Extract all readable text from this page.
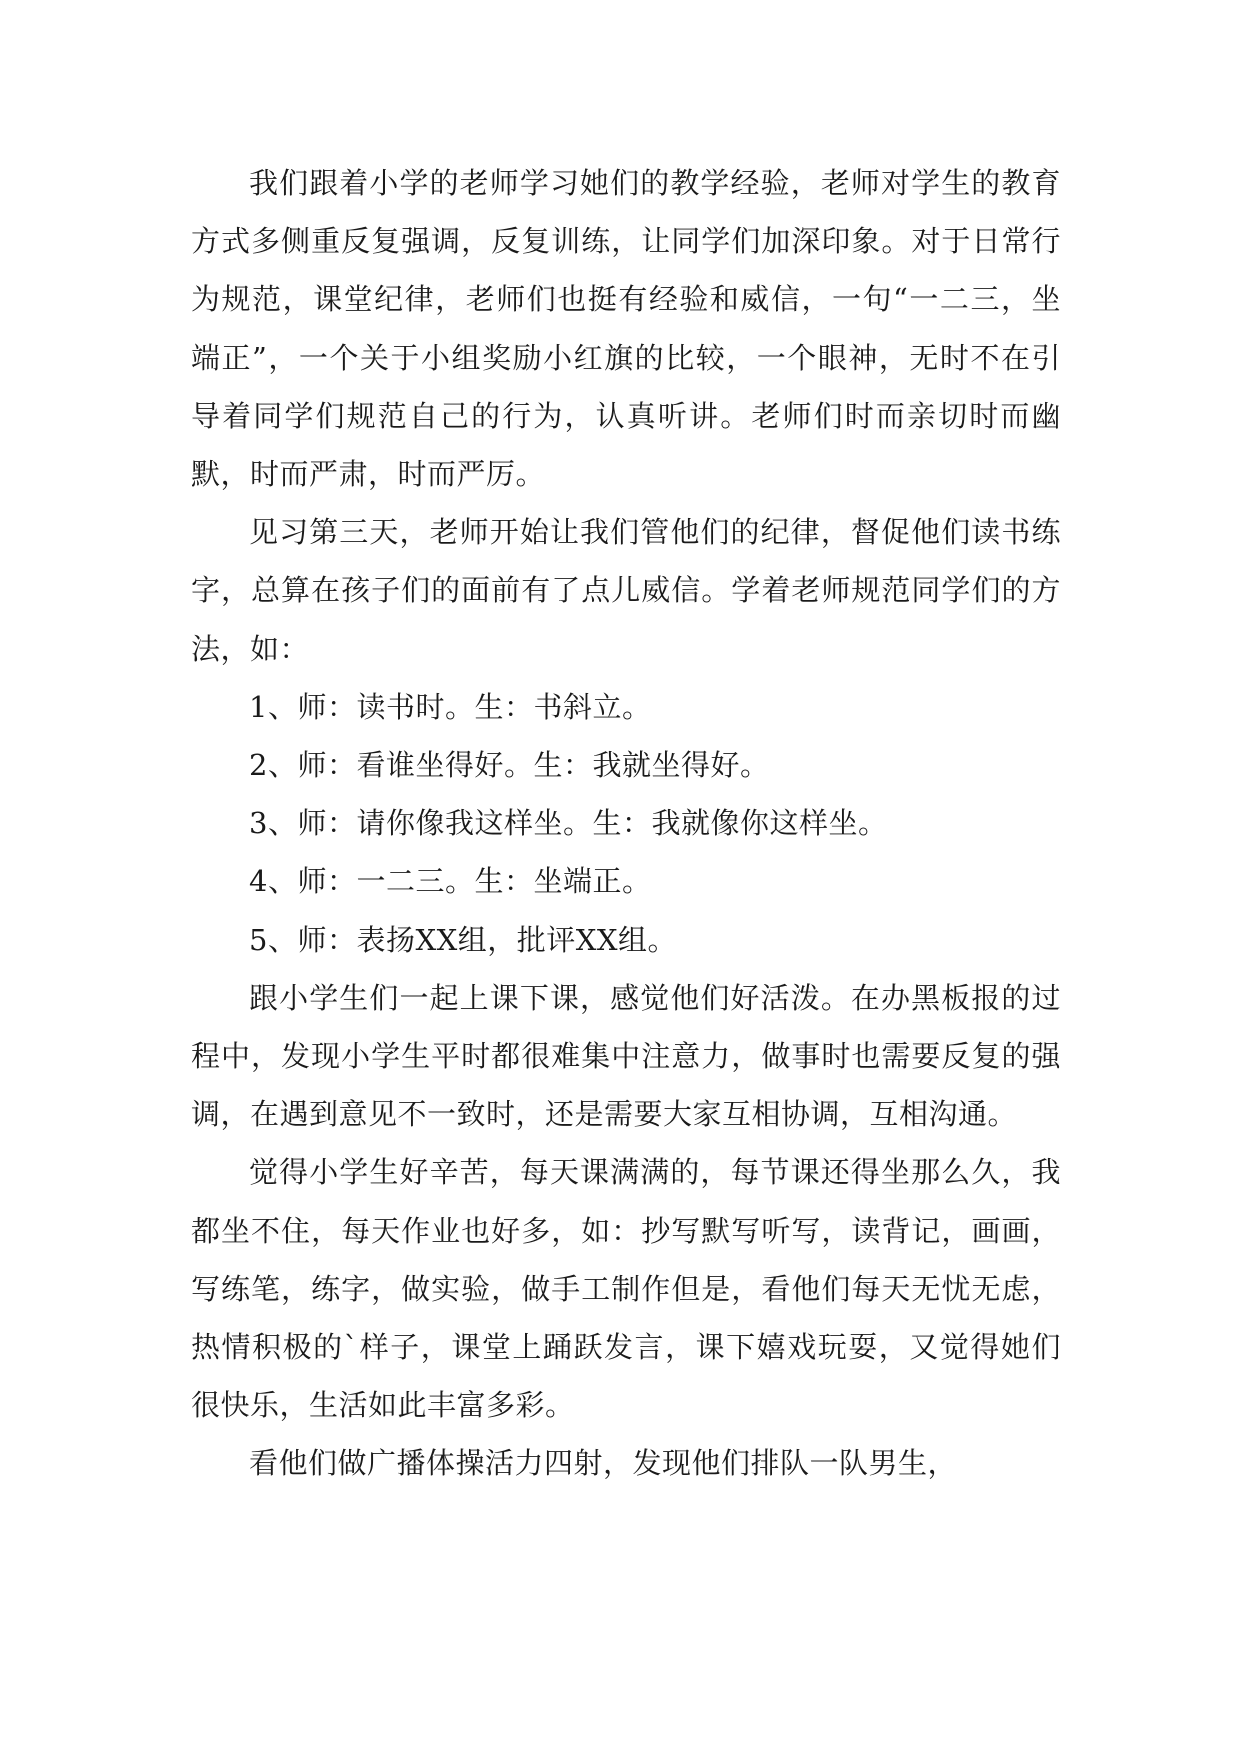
我们跟着小学的老师学习她们的教学经验，老师对学生的教育方式多侧重反复强调，反复训练，让同学们加深印象。对于日常行为规范，课堂纪律，老师们也挺有经验和威信，一句“一二三，坐端正”，一个关于小组奖励小红旗的比较，一个眼神，无时不在引导着同学们规范自己的行为，认真听讲。老师们时而亲切时而幽默，时而严肃，时而严厉。

见习第三天，老师开始让我们管他们的纪律，督促他们读书练字，总算在孩子们的面前有了点儿威信。学着老师规范同学们的方法，如：

1、师：读书时。生：书斜立。

2、师：看谁坐得好。生：我就坐得好。

3、师：请你像我这样坐。生：我就像你这样坐。

4、师：一二三。生：坐端正。

5、师：表扬XX组，批评XX组。

跟小学生们一起上课下课，感觉他们好活泼。在办黑板报的过程中，发现小学生平时都很难集中注意力，做事时也需要反复的强调，在遇到意见不一致时，还是需要大家互相协调，互相沟通。

觉得小学生好辛苦，每天课满满的，每节课还得坐那么久，我都坐不住，每天作业也好多，如：抄写默写听写，读背记，画画，写练笔，练字，做实验，做手工制作但是，看他们每天无忧无虑，热情积极的`样子，课堂上踊跃发言，课下嬉戏玩耍，又觉得她们很快乐，生活如此丰富多彩。

看他们做广播体操活力四射，发现他们排队一队男生，
